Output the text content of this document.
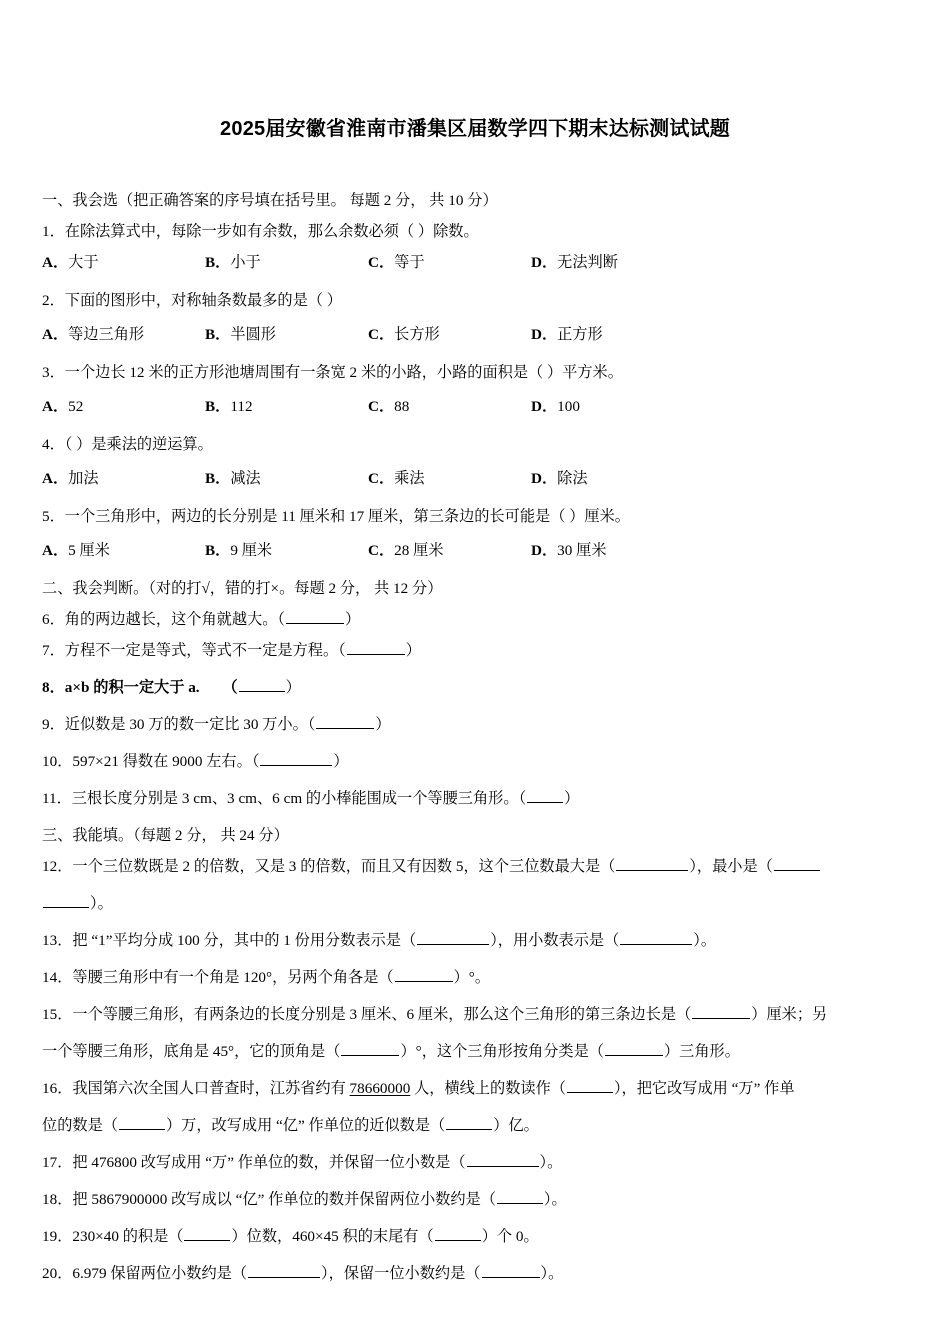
2025届安徽省淮南市潘集区届数学四下期末达标测试试题
一、我会选（把正确答案的序号填在括号里。 每题 2 分， 共 10 分）
1．在除法算式中，每除一步如有余数，那么余数必须（ ）除数。
A．大于	B．小于	C．等于	D．无法判断
2．下面的图形中，对称轴条数最多的是（ ）
A．等边三角形	B．半圆形	C．长方形	D．正方形
3．一个边长 12 米的正方形池塘周围有一条宽 2 米的小路，小路的面积是（ ）平方米。
A．52	B．112	C．88	D．100
4．（ ）是乘法的逆运算。
A．加法	B．减法	C．乘法	D．除法
5．一个三角形中，两边的长分别是 11 厘米和 17 厘米，第三条边的长可能是（ ）厘米。
A．5 厘米	B．9 厘米	C．28 厘米	D．30 厘米
二、我会判断。（对的打√，错的打×。每题 2 分， 共 12 分）
6．角的两边越长，这个角就越大。（	）
7．方程不一定是等式，等式不一定是方程。（	）
8．a×b 的积一定大于 a.　　（	）
9．近似数是 30 万的数一定比 30 万小。（	）
10．597×21 得数在 9000 左右。（	）
11．三根长度分别是 3 cm、3 cm、6 cm 的小棒能围成一个等腰三角形。（	）
三、我能填。（每题 2 分， 共 24 分）
12．一个三位数既是 2 的倍数，又是 3 的倍数，而且又有因数 5，这个三位数最大是（	），最小是（
）。
13．把 “1”平均分成 100 分，其中的 1 份用分数表示是（	），用小数表示是（	）。
14．等腰三角形中有一个角是 120°，另两个角各是（	）°。
15．一个等腰三角形，有两条边的长度分别是 3 厘米、6 厘米，那么这个三角形的第三条边长是（	）厘米；另
一个等腰三角形，底角是 45°，它的顶角是（	）°，这个三角形按角分类是（	）三角形。
16．我国第六次全国人口普查时，江苏省约有 78660000 人，横线上的数读作（	），把它改写成用 “万” 作单
位的数是（	）万，改写成用 “亿” 作单位的近似数是（	）亿。
17．把 476800 改写成用 “万” 作单位的数，并保留一位小数是（	）。
18．把 5867900000 改写成以 “亿” 作单位的数并保留两位小数约是（	）。
19．230×40 的积是（	）位数，460×45 积的末尾有（	）个 0。
20．6.979 保留两位小数约是（	），保留一位小数约是（	）。
